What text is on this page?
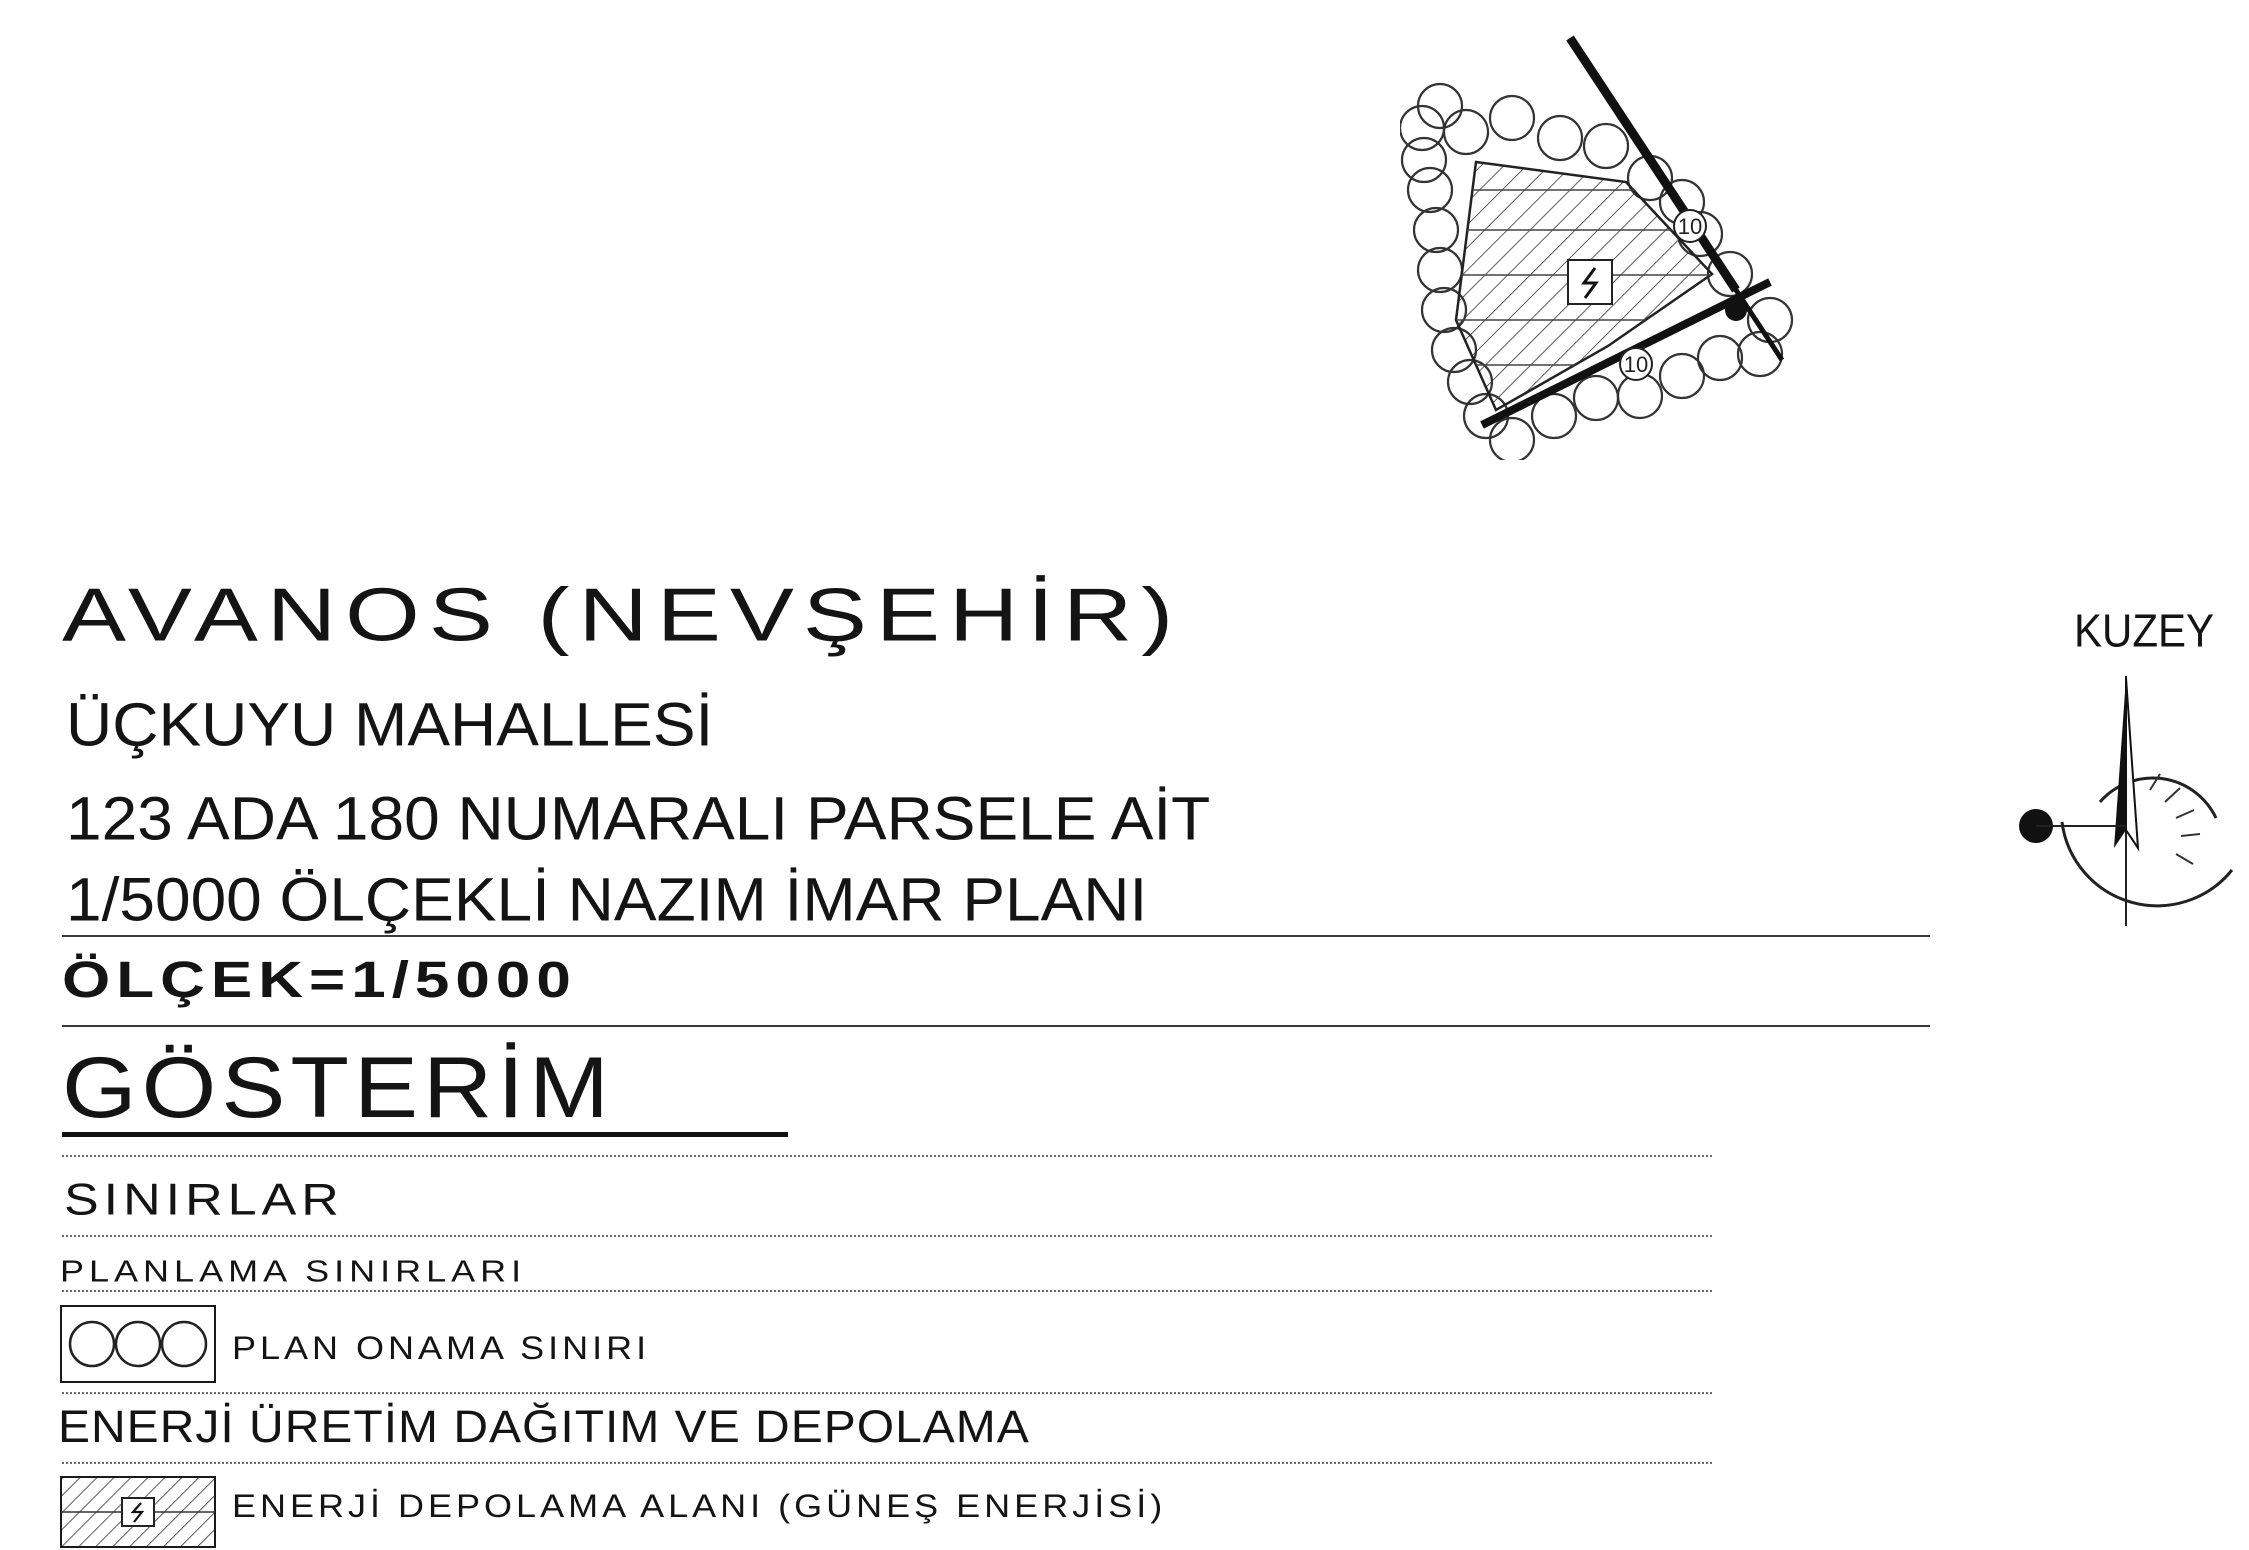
10
10
AVANOS (NEVŞEHİR)
ÜÇKUYU MAHALLESİ
123 ADA 180 NUMARALI PARSELE AİT
1/5000 ÖLÇEKLİ NAZIM İMAR PLANI
ÖLÇEK=1/5000
KUZEY
GÖSTERİM
SINIRLAR
PLANLAMA SINIRLARI
PLAN ONAMA SINIRI
ENERJİ ÜRETİM DAĞITIM VE DEPOLAMA
ENERJİ DEPOLAMA ALANI (GÜNEŞ ENERJİSİ)
